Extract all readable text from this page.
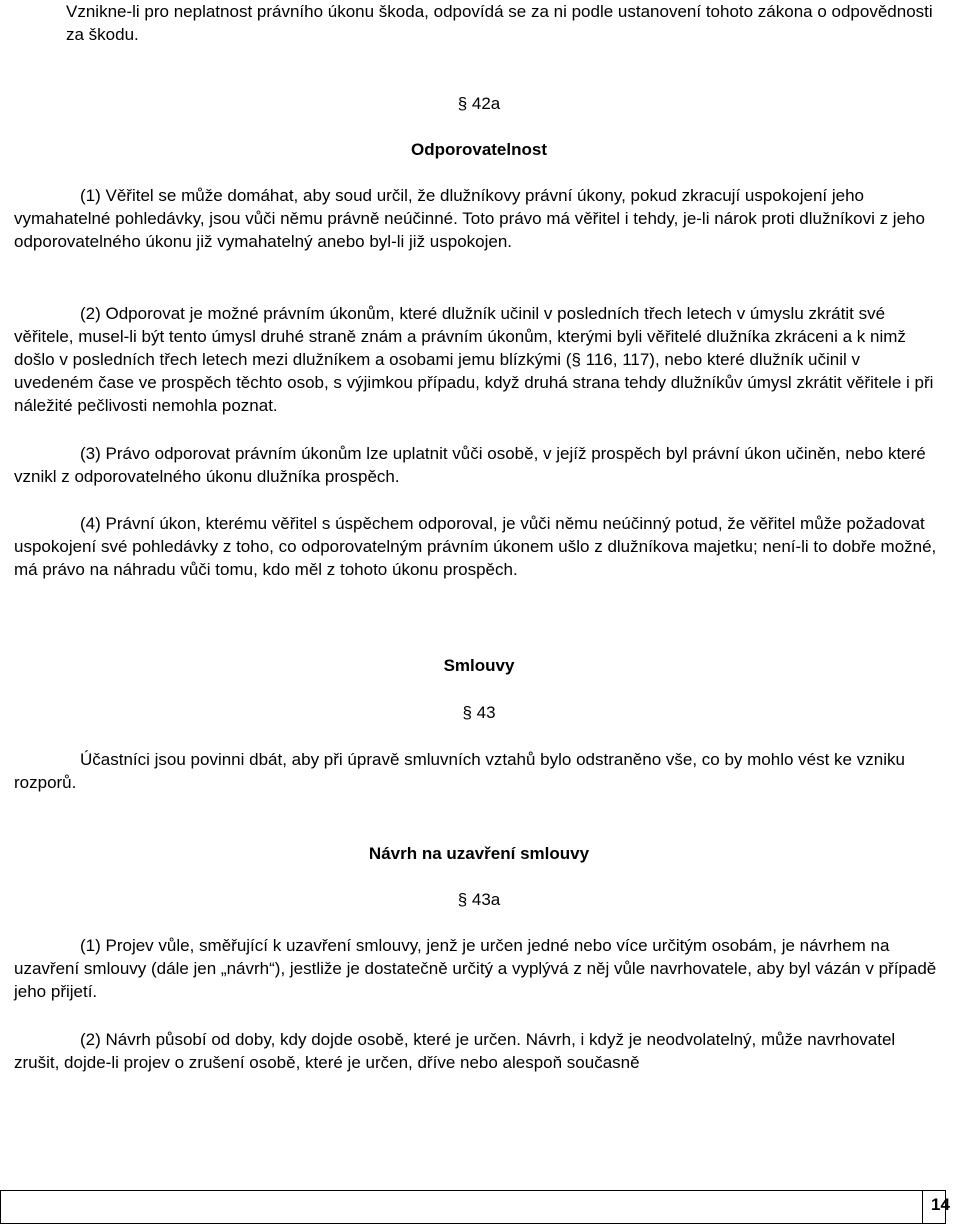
Vznikne-li pro neplatnost právního úkonu škoda, odpovídá se za ni podle ustanovení tohoto zákona o odpovědnosti za škodu.

§ 42a

Odporovatelnost

(1) Věřitel se může domáhat, aby soud určil, že dlužníkovy právní úkony, pokud zkracují uspokojení jeho vymahatelné pohledávky, jsou vůči němu právně neúčinné. Toto právo má věřitel i tehdy, je-li nárok proti dlužníkovi z jeho odporovatelného úkonu již vymahatelný anebo byl-li již uspokojen.

(2) Odporovat je možné právním úkonům, které dlužník učinil v posledních třech letech v úmyslu zkrátit své věřitele, musel-li být tento úmysl druhé straně znám a právním úkonům, kterými byli věřitelé dlužníka zkráceni a k nimž došlo v posledních třech letech mezi dlužníkem a osobami jemu blízkými (§ 116, 117), nebo které dlužník učinil v uvedeném čase ve prospěch těchto osob, s výjimkou případu, když druhá strana tehdy dlužníkův úmysl zkrátit věřitele i při náležité pečlivosti nemohla poznat.

(3) Právo odporovat právním úkonům lze uplatnit vůči osobě, v jejíž prospěch byl právní úkon učiněn, nebo které vznikl z odporovatelného úkonu dlužníka prospěch.

(4) Právní úkon, kterému věřitel s úspěchem odporoval, je vůči němu neúčinný potud, že věřitel může požadovat uspokojení své pohledávky z toho, co odporovatelným právním úkonem ušlo z dlužníkova majetku; není-li to dobře možné, má právo na náhradu vůči tomu, kdo měl z tohoto úkonu prospěch.

Smlouvy

§ 43

Účastníci jsou povinni dbát, aby při úpravě smluvních vztahů bylo odstraněno vše, co by mohlo vést ke vzniku rozporů.

Návrh na uzavření smlouvy

§ 43a

(1) Projev vůle, směřující k uzavření smlouvy, jenž je určen jedné nebo více určitým osobám, je návrhem na uzavření smlouvy (dále jen „návrh“), jestliže je dostatečně určitý a vyplývá z něj vůle navrhovatele, aby byl vázán v případě jeho přijetí.

(2) Návrh působí od doby, kdy dojde osobě, které je určen. Návrh, i když je neodvolatelný, může navrhovatel zrušit, dojde-li projev o zrušení osobě, které je určen, dříve nebo alespoň současně

14
